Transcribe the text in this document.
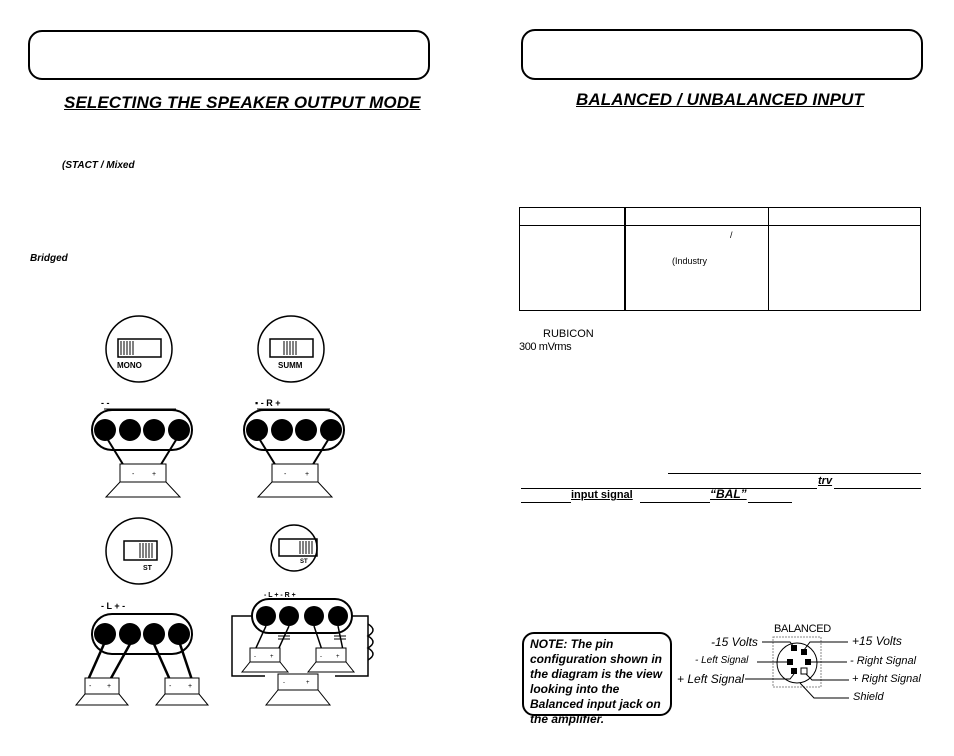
SELECTING THE SPEAKER OUTPUT MODE	BALANCED / UNBALANCED INPUT
(STACT / Mixed
Bridged

	/
(Industry	

RUBICON
300 mVrms
trv
input signal	“BAL”
NOTE: The pin configuration shown in the diagram is the view looking into the Balanced input jack on the amplifier.
BALANCED
-15 Volts
- Left Signal
+ Left Signal
+15 Volts
- Right Signal
+ Right Signal
Shield
MONO
- -
-	+
SUMM
▪ - R +
-	+
ST
- L + -
- +	- +
ST
- L + - R +
- +	- +
-	+
